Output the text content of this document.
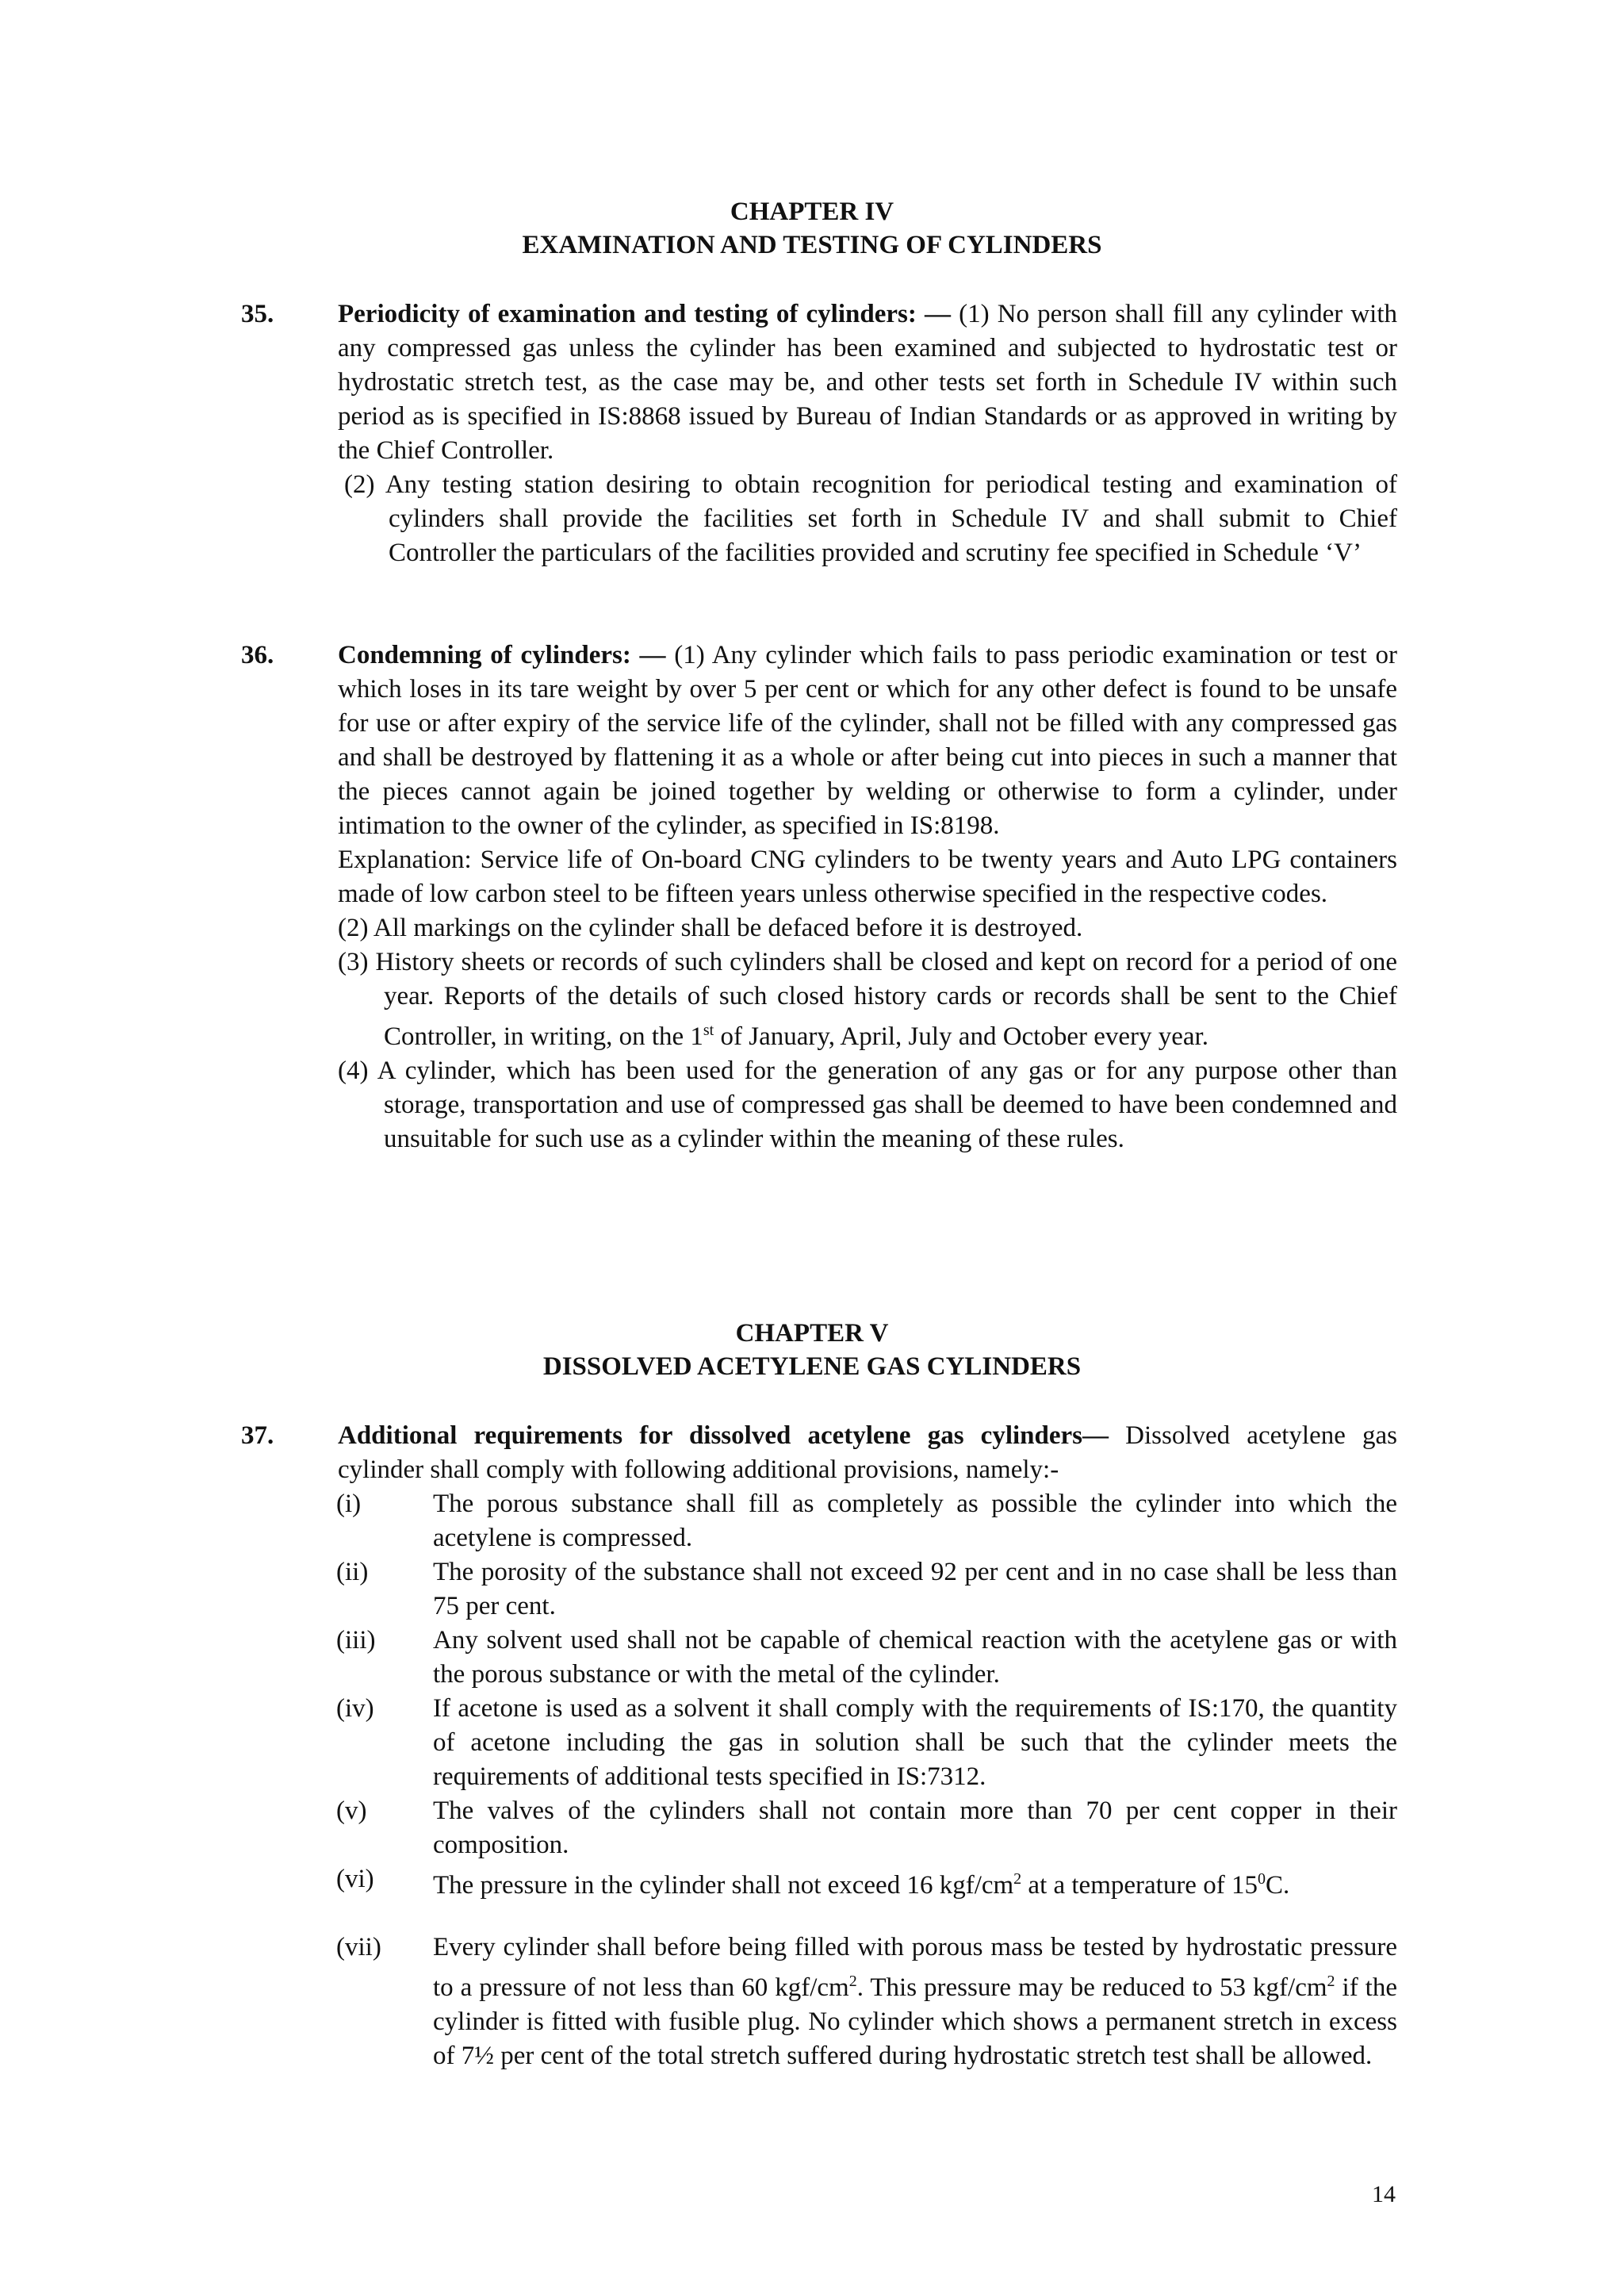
CHAPTER IV
EXAMINATION AND TESTING OF CYLINDERS
35. Periodicity of examination and testing of cylinders: — (1) No person shall fill any cylinder with any compressed gas unless the cylinder has been examined and subjected to hydrostatic test or hydrostatic stretch test, as the case may be, and other tests set forth in Schedule IV within such period as is specified in IS:8868 issued by Bureau of Indian Standards or as approved in writing by the Chief Controller.

(2) Any testing station desiring to obtain recognition for periodical testing and examination of cylinders shall provide the facilities set forth in Schedule IV and shall submit to Chief Controller the particulars of the facilities provided and scrutiny fee specified in Schedule ‘V’

36. Condemning of cylinders: — (1) Any cylinder which fails to pass periodic examination or test or which loses in its tare weight by over 5 per cent or which for any other defect is found to be unsafe for use or after expiry of the service life of the cylinder, shall not be filled with any compressed gas and shall be destroyed by flattening it as a whole or after being cut into pieces in such a manner that the pieces cannot again be joined together by welding or otherwise to form a cylinder, under intimation to the owner of the cylinder, as specified in IS:8198.

Explanation: Service life of On-board CNG cylinders to be twenty years and Auto LPG containers made of low carbon steel to be fifteen years unless otherwise specified in the respective codes.

(2) All markings on the cylinder shall be defaced before it is destroyed.

(3) History sheets or records of such cylinders shall be closed and kept on record for a period of one year. Reports of the details of such closed history cards or records shall be sent to the Chief Controller, in writing, on the 1st of January, April, July and October every year.

(4) A cylinder, which has been used for the generation of any gas or for any purpose other than storage, transportation and use of compressed gas shall be deemed to have been condemned and unsuitable for such use as a cylinder within the meaning of these rules.

CHAPTER V
DISSOLVED ACETYLENE GAS CYLINDERS
37. Additional requirements for dissolved acetylene gas cylinders— Dissolved acetylene gas cylinder shall comply with following additional provisions, namely:-

(i)	The porous substance shall fill as completely as possible the cylinder into which the acetylene is compressed.
(ii) The porosity of the substance shall not exceed 92 per cent and in no case shall be less than 75 per cent.
(iii) Any solvent used shall not be capable of chemical reaction with the acetylene gas or with the porous substance or with the metal of the cylinder.
(iv) If acetone is used as a solvent it shall comply with the requirements of IS:170, the quantity of acetone including the gas in solution shall be such that the cylinder meets the requirements of additional tests specified in IS:7312.
(v)	The valves of the cylinders shall not contain more than 70 per cent copper in their composition.
(vi) The pressure in the cylinder shall not exceed 16 kgf/$cm^2$ at a temperature of $15^0C$.
(vii) Every cylinder shall before being filled with porous mass be tested by hydrostatic pressure to a pressure of not less than 60 kgf/$cm^2$. This pressure may be reduced to 53 kgf/$cm^2$ if the cylinder is fitted with fusible plug. No cylinder which shows a permanent stretch in excess of 7½ per cent of the total stretch suffered during hydrostatic stretch test shall be allowed.
14
